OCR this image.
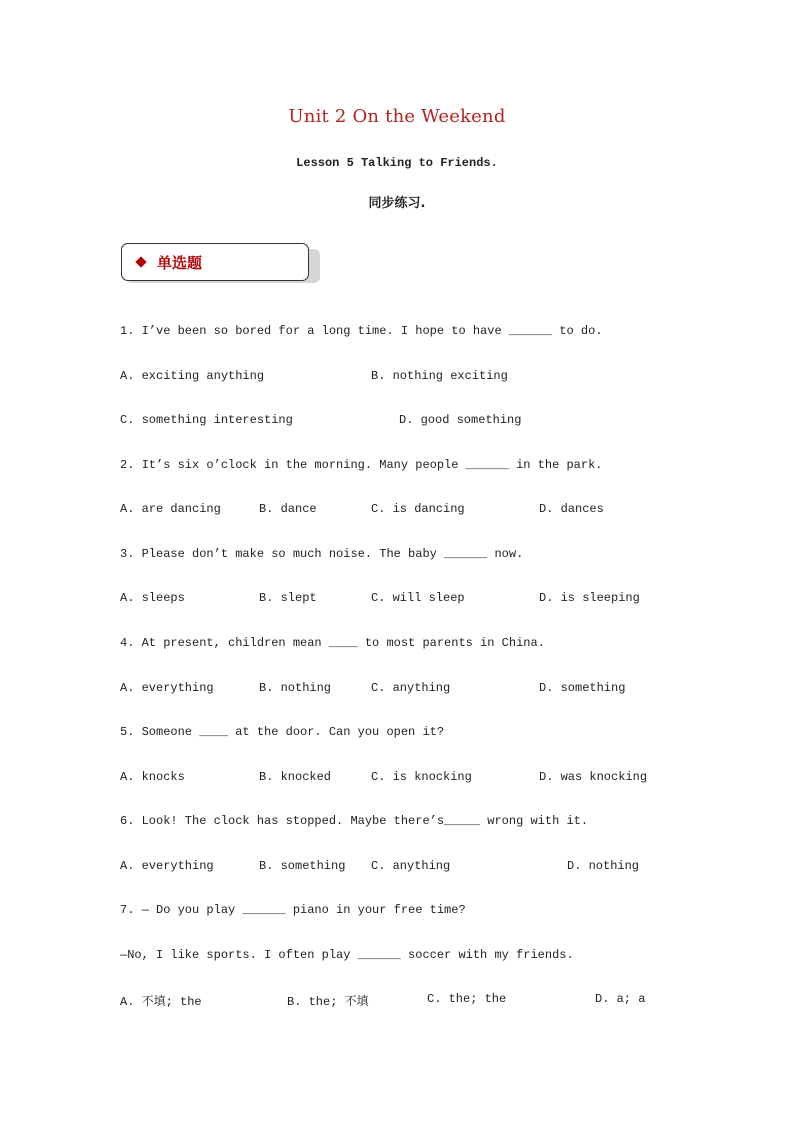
Unit 2 On the Weekend
Lesson 5 Talking to Friends.
同步练习.
单选题
1. I’ve been so bored for a long time. I hope to have ______ to do.
A. exciting anything	B. nothing exciting
C. something interesting	D. good something
2. It’s six o’clock in the morning. Many people ______ in the park.
A. are dancing	B. dance	C. is dancing	D. dances
3. Please don’t make so much noise. The baby ______ now.
A. sleeps	B. slept	C. will sleep	D. is sleeping
4. At present, children mean ____ to most parents in China.
A. everything	B. nothing	C. anything	D. something
5. Someone ____ at the door. Can you open it?
A. knocks	B. knocked	C. is knocking	D. was knocking
6. Look! The clock has stopped. Maybe there’s_____ wrong with it.
A. everything	B. something C. anything	D. nothing
7. — Do you play ______ piano in your free time?
—No, I like sports. I often play ______ soccer with my friends.
A. 不填; the	B. the; 不填	C. the; the	D. a; a
